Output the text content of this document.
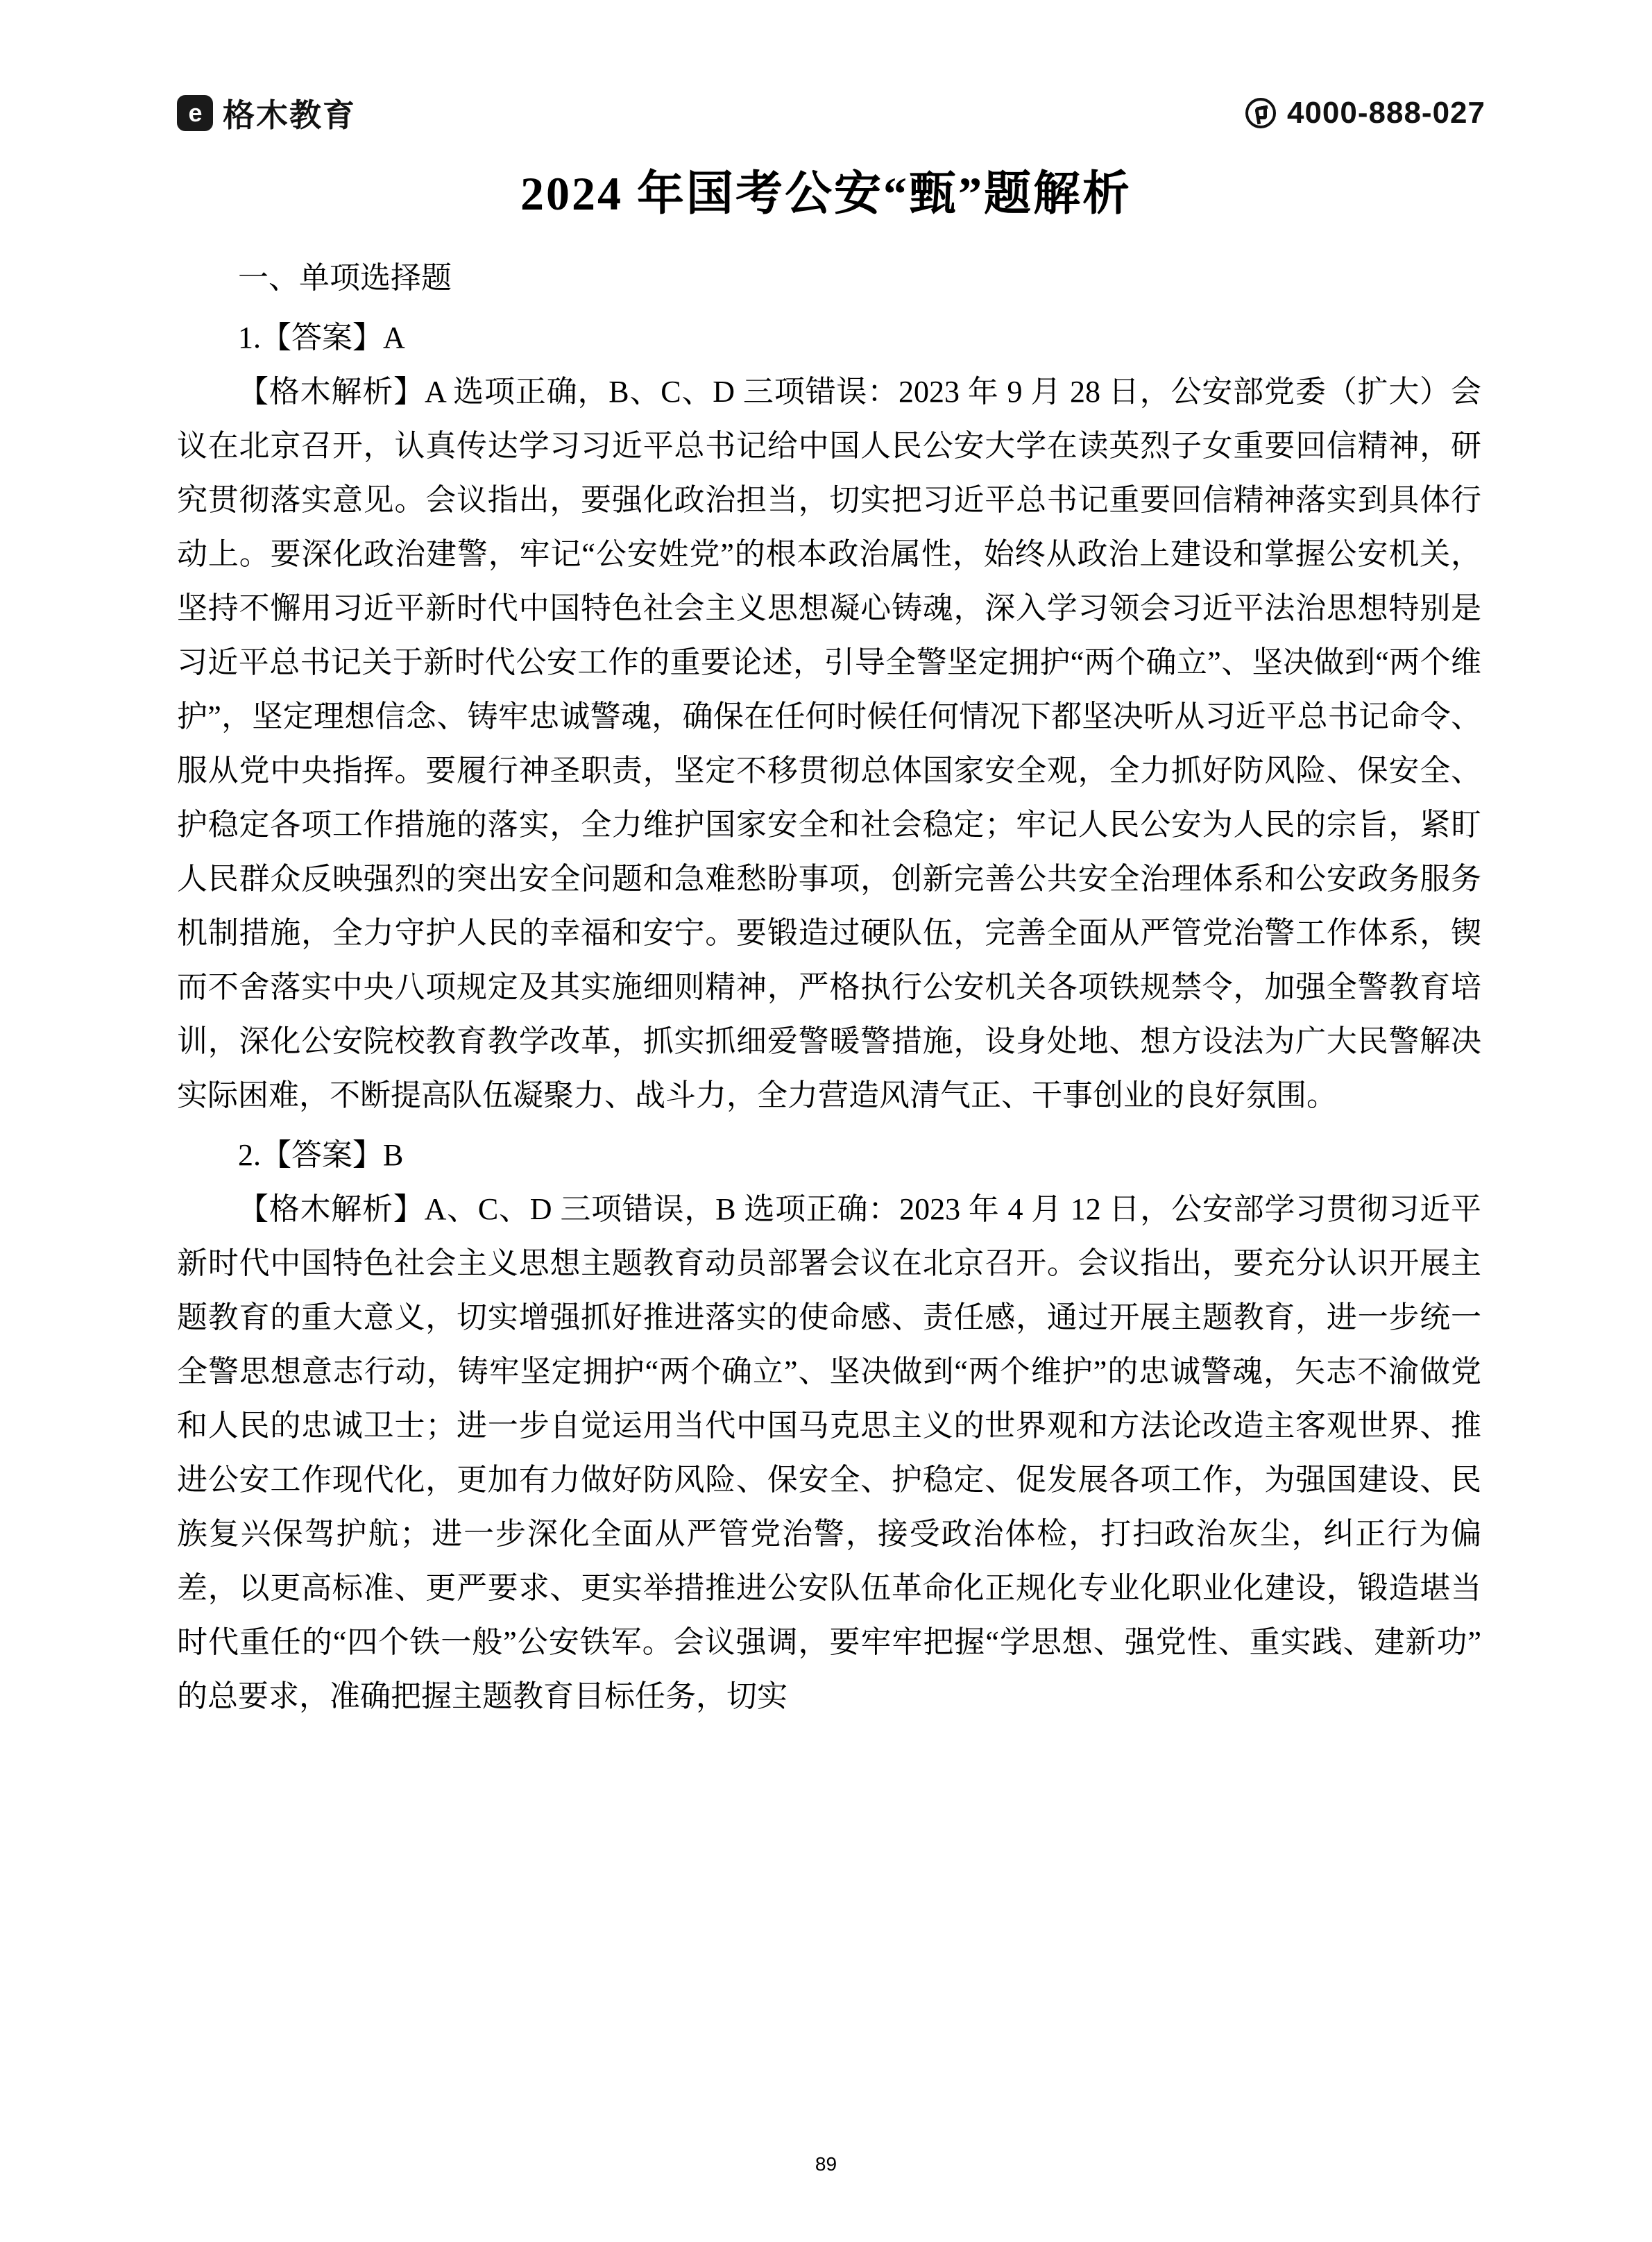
e 格木教育	4000-888-027
2024 年国考公安“甄”题解析

一、单项选择题

1.【答案】A

【格木解析】A 选项正确，B、C、D 三项错误：2023 年 9 月 28 日，公安部党委（扩大）会议在北京召开，认真传达学习习近平总书记给中国人民公安大学在读英烈子女重要回信精神，研究贯彻落实意见。会议指出，要强化政治担当，切实把习近平总书记重要回信精神落实到具体行动上。要深化政治建警，牢记“公安姓党”的根本政治属性，始终从政治上建设和掌握公安机关，坚持不懈用习近平新时代中国特色社会主义思想凝心铸魂，深入学习领会习近平法治思想特别是习近平总书记关于新时代公安工作的重要论述，引导全警坚定拥护“两个确立”、坚决做到“两个维护”，坚定理想信念、铸牢忠诚警魂，确保在任何时候任何情况下都坚决听从习近平总书记命令、服从党中央指挥。要履行神圣职责，坚定不移贯彻总体国家安全观，全力抓好防风险、保安全、护稳定各项工作措施的落实，全力维护国家安全和社会稳定；牢记人民公安为人民的宗旨，紧盯人民群众反映强烈的突出安全问题和急难愁盼事项，创新完善公共安全治理体系和公安政务服务机制措施，全力守护人民的幸福和安宁。要锻造过硬队伍，完善全面从严管党治警工作体系，锲而不舍落实中央八项规定及其实施细则精神，严格执行公安机关各项铁规禁令，加强全警教育培训，深化公安院校教育教学改革，抓实抓细爱警暖警措施，设身处地、想方设法为广大民警解决实际困难，不断提高队伍凝聚力、战斗力，全力营造风清气正、干事创业的良好氛围。

2.【答案】B

【格木解析】A、C、D 三项错误，B 选项正确：2023 年 4 月 12 日，公安部学习贯彻习近平新时代中国特色社会主义思想主题教育动员部署会议在北京召开。会议指出，要充分认识开展主题教育的重大意义，切实增强抓好推进落实的使命感、责任感，通过开展主题教育，进一步统一全警思想意志行动，铸牢坚定拥护“两个确立”、坚决做到“两个维护”的忠诚警魂，矢志不渝做党和人民的忠诚卫士；进一步自觉运用当代中国马克思主义的世界观和方法论改造主客观世界、推进公安工作现代化，更加有力做好防风险、保安全、护稳定、促发展各项工作，为强国建设、民族复兴保驾护航；进一步深化全面从严管党治警，接受政治体检，打扫政治灰尘，纠正行为偏差，以更高标准、更严要求、更实举措推进公安队伍革命化正规化专业化职业化建设，锻造堪当时代重任的“四个铁一般”公安铁军。会议强调，要牢牢把握“学思想、强党性、重实践、建新功”的总要求，准确把握主题教育目标任务，切实

89
